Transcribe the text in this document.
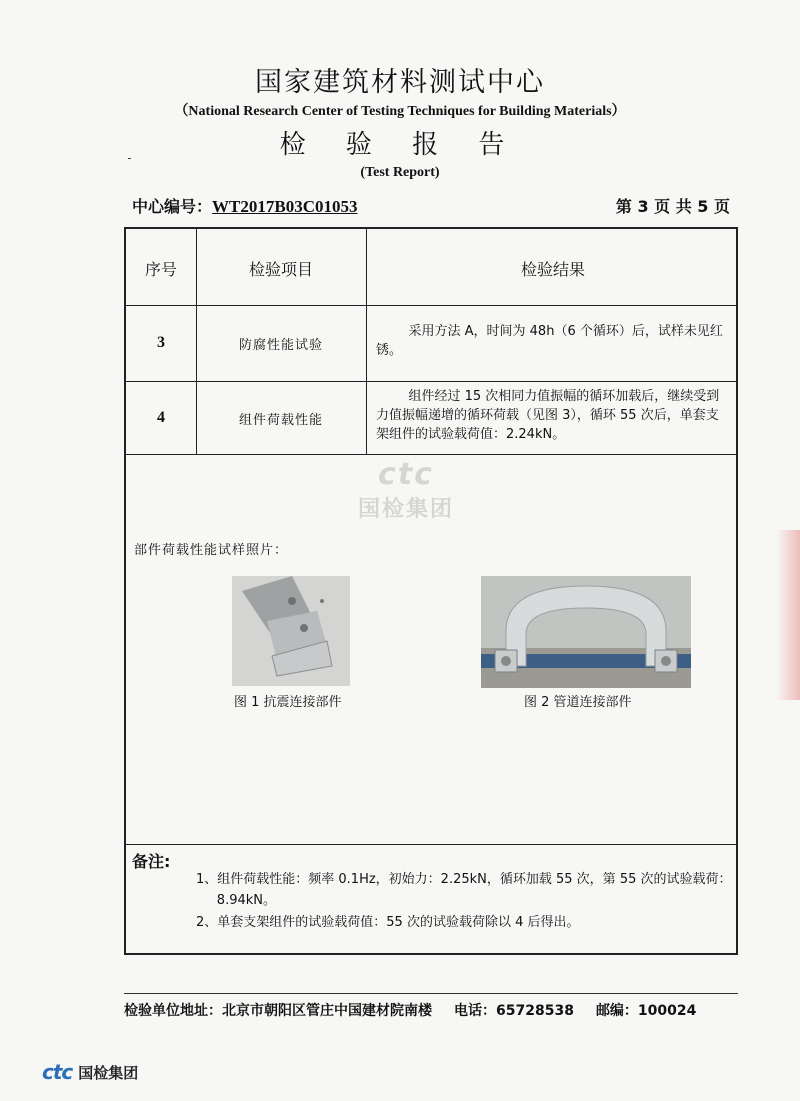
国家建筑材料测试中心
（National Research Center of Testing Techniques for Building Materials）
检 验 报 告
(Test Report)
中心编号：WT2017B03C01053	第 3 页 共 5 页
序号	检验项目	检验结果
3	防腐性能试验
采用方法 A，时间为 48h（6 个循环）后，试样未见红锈。
4	组件荷载性能
组件经过 15 次相同力值振幅的循环加载后，继续受到力值振幅递增的循环荷载（见图 3），循环 55 次后，单套支架组件的试验载荷值：2.24kN。
ctc
国检集团
部件荷载性能试样照片：
图 1 抗震连接部件	图 2 管道连接部件
备注:
1、组件荷载性能：频率 0.1Hz，初始力：2.25kN，循环加载 55 次，第 55 次的试验载荷：8.94kN。
2、单套支架组件的试验载荷值：55 次的试验载荷除以 4 后得出。
检验单位地址：北京市朝阳区管庄中国建材院南楼 电话：65728538 邮编：100024
ctc 国检集团
